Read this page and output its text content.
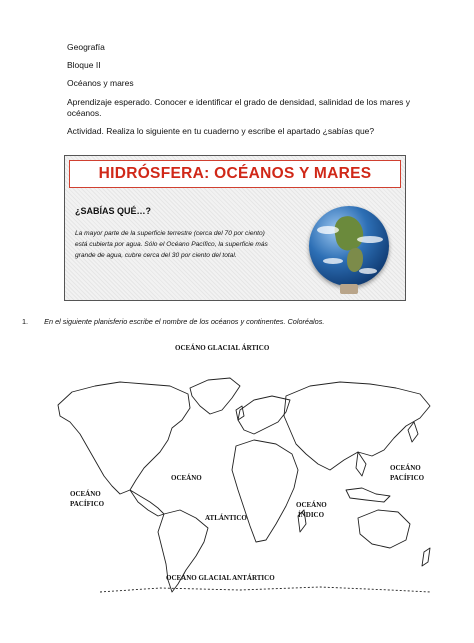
Geografía
Bloque II
Océanos y mares
Aprendizaje esperado. Conocer e identificar el grado de densidad, salinidad de los mares y
océanos.
Actividad. Realiza lo siguiente en tu cuaderno y escribe el apartado ¿sabías que?
HIDRÓSFERA: OCÉANOS Y MARES
¿SABÍAS QUÉ…?
La mayor parte de la superficie terrestre (cerca del 70 por ciento)
está cubierta por agua. Sólo el Océano Pacífico, la superficie más
grande de agua, cubre cerca del 30 por ciento del total.
1. En el siguiente planisferio escribe el nombre de los océanos y continentes. Coloréalos.
OCEÁNO GLACIAL ÁRTICO
OCEÁNO
PACÍFICO
OCEÁNO
ATLÁNTICO
OCEÁNO
ÍNDICO
OCEÁNO
PACÍFICO
OCEÁNO GLACIAL ANTÁRTICO
